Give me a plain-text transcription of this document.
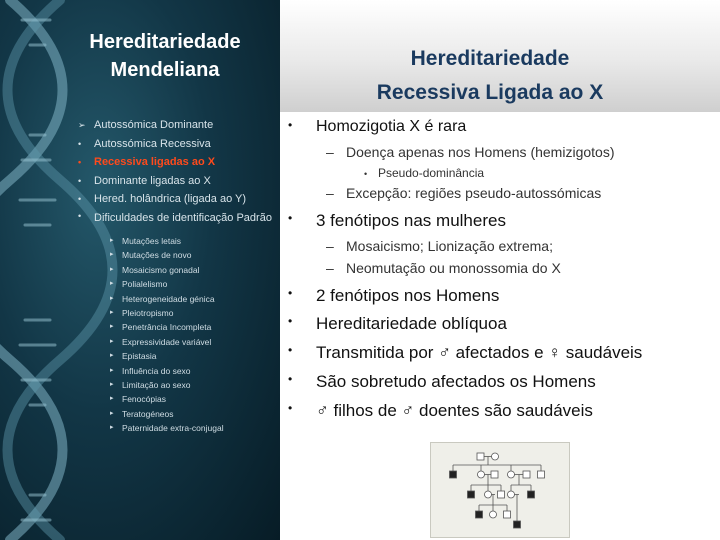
Hereditariedade
Mendeliana
➢ Autossómica Dominante
• Autossómica Recessiva
• Recessiva ligadas ao X
• Dominante ligadas ao X
• Hered. holândrica (ligada ao Y)
• Dificuldades de identificação Padrão
▸ Mutações letais
▸ Mutações de novo
▸ Mosaicismo gonadal
▸ Polialelismo
▸ Heterogeneidade génica
▸ Pleiotropismo
▸ Penetrância Incompleta
▸ Expressividade variável
▸ Epistasia
▸ Influência do sexo
▸ Limitação ao sexo
▸ Fenocópias
▸ Teratogéneos
▸ Paternidade extra-conjugal
Hereditariedade
Recessiva Ligada ao X
• Homozigotia X é rara
– Doença apenas nos Homens (hemizigotos)
• Pseudo-dominância
– Excepção: regiões pseudo-autossómicas
• 3 fenótipos nas mulheres
– Mosaicismo; Lionização extrema;
– Neomutação ou monossomia do X
• 2 fenótipos nos Homens
• Hereditariedade oblíquoa
• Transmitida por ♂ afectados e ♀ saudáveis
• São sobretudo afectados os Homens
• ♂ filhos de ♂ doentes são saudáveis
